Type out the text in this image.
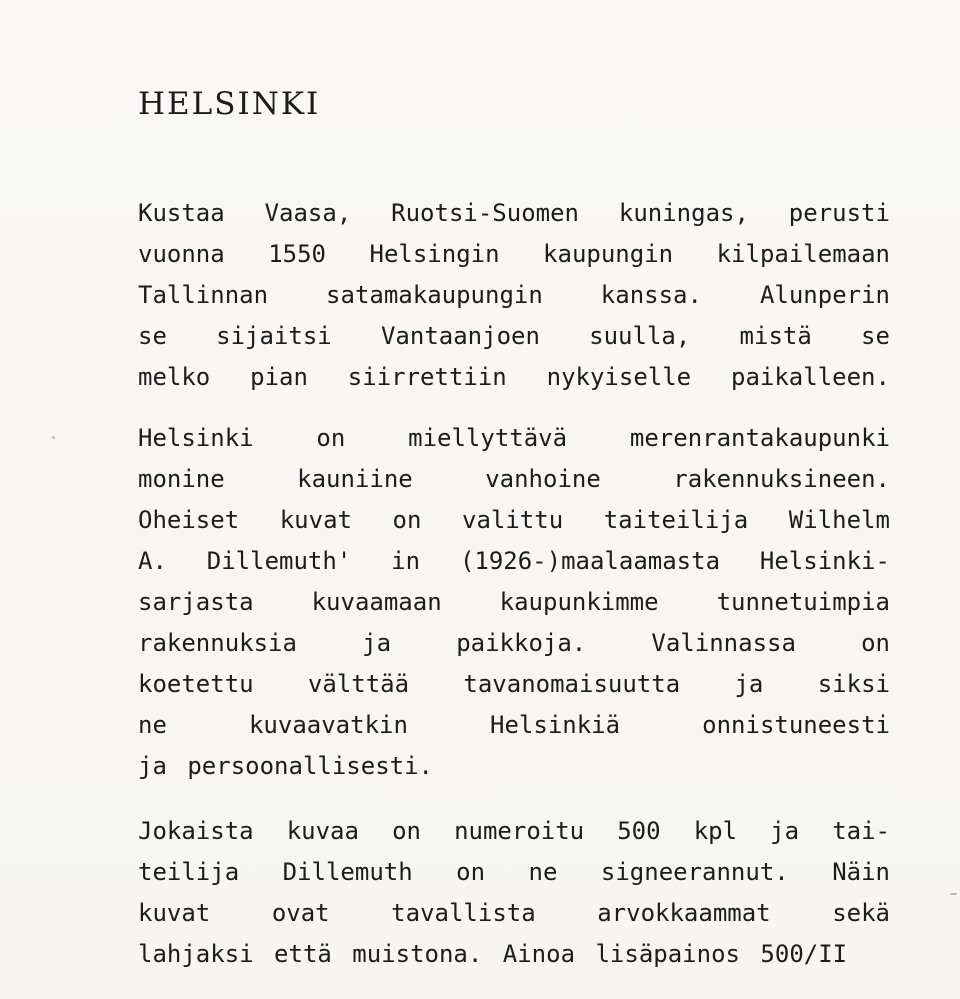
HELSINKI
Kustaa Vaasa, Ruotsi-Suomen kuningas, perusti
vuonna 1550 Helsingin kaupungin kilpailemaan
Tallinnan satamakaupungin kanssa. Alunperin
se sijaitsi Vantaanjoen suulla, mistä se
melko pian siirrettiin nykyiselle paikalleen.
Helsinki	on	miellyttävä	merenrantakaupunki
monine	kauniine	vanhoine	rakennuksineen.
Oheiset kuvat on valittu taiteilija Wilhelm
A. Dillemuth' in (1926-)maalaamasta Helsinki-
sarjasta kuvaamaan kaupunkimme tunnetuimpia
rakennuksia	ja	paikkoja.	Valinnassa	on
koetettu välttää tavanomaisuutta ja siksi
ne	kuvaavatkin	Helsinkiä	onnistuneesti
ja persoonallisesti.
Jokaista kuvaa on numeroitu 500 kpl ja tai-
teilija Dillemuth on ne signeerannut. Näin
kuvat	ovat	tavallista	arvokkaammat	sekä
lahjaksi että muistona. Ainoa lisäpainos 500/II
